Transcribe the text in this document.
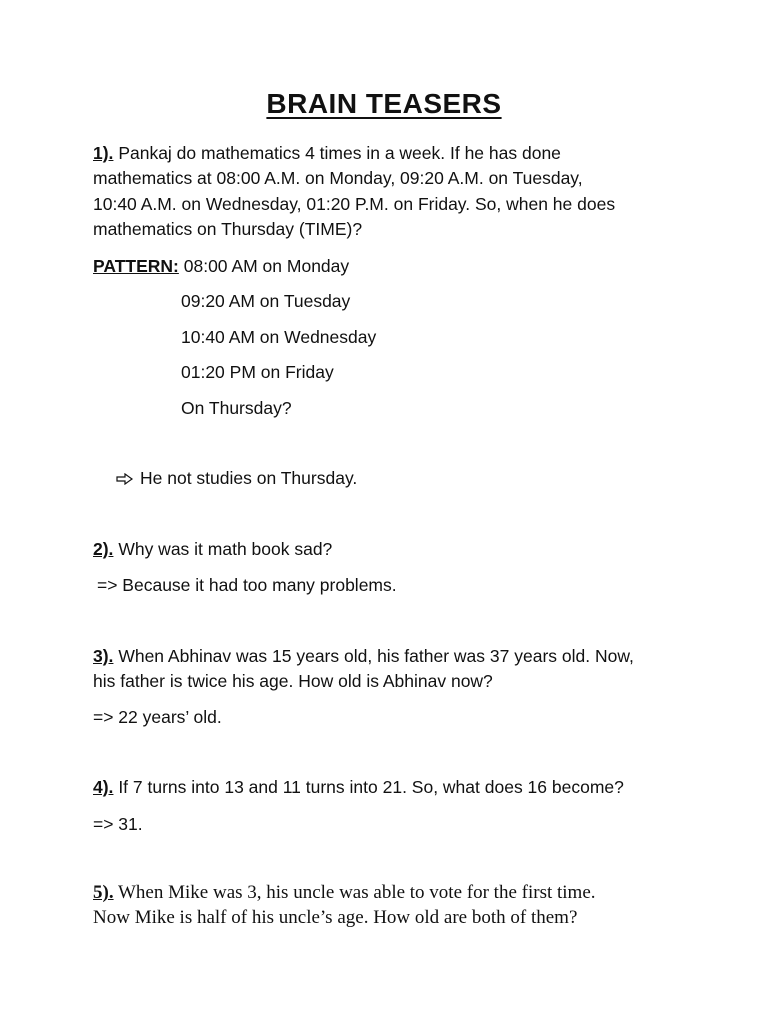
BRAIN TEASERS
1). Pankaj do mathematics 4 times in a week. If he has done
mathematics at 08:00 A.M. on Monday, 09:20 A.M. on Tuesday,
10:40 A.M. on Wednesday, 01:20 P.M. on Friday. So, when he does
mathematics on Thursday (TIME)?
PATTERN: 08:00 AM on Monday
09:20 AM on Tuesday
10:40 AM on Wednesday
01:20 PM on Friday
On Thursday?
He not studies on Thursday.
2). Why was it math book sad?
=> Because it had too many problems.
3). When Abhinav was 15 years old, his father was 37 years old. Now,
his father is twice his age. How old is Abhinav now?
=> 22 years’ old.
4). If 7 turns into 13 and 11 turns into 21. So, what does 16 become?
=> 31.
5). When Mike was 3, his uncle was able to vote for the first time.
Now Mike is half of his uncle’s age. How old are both of them?
